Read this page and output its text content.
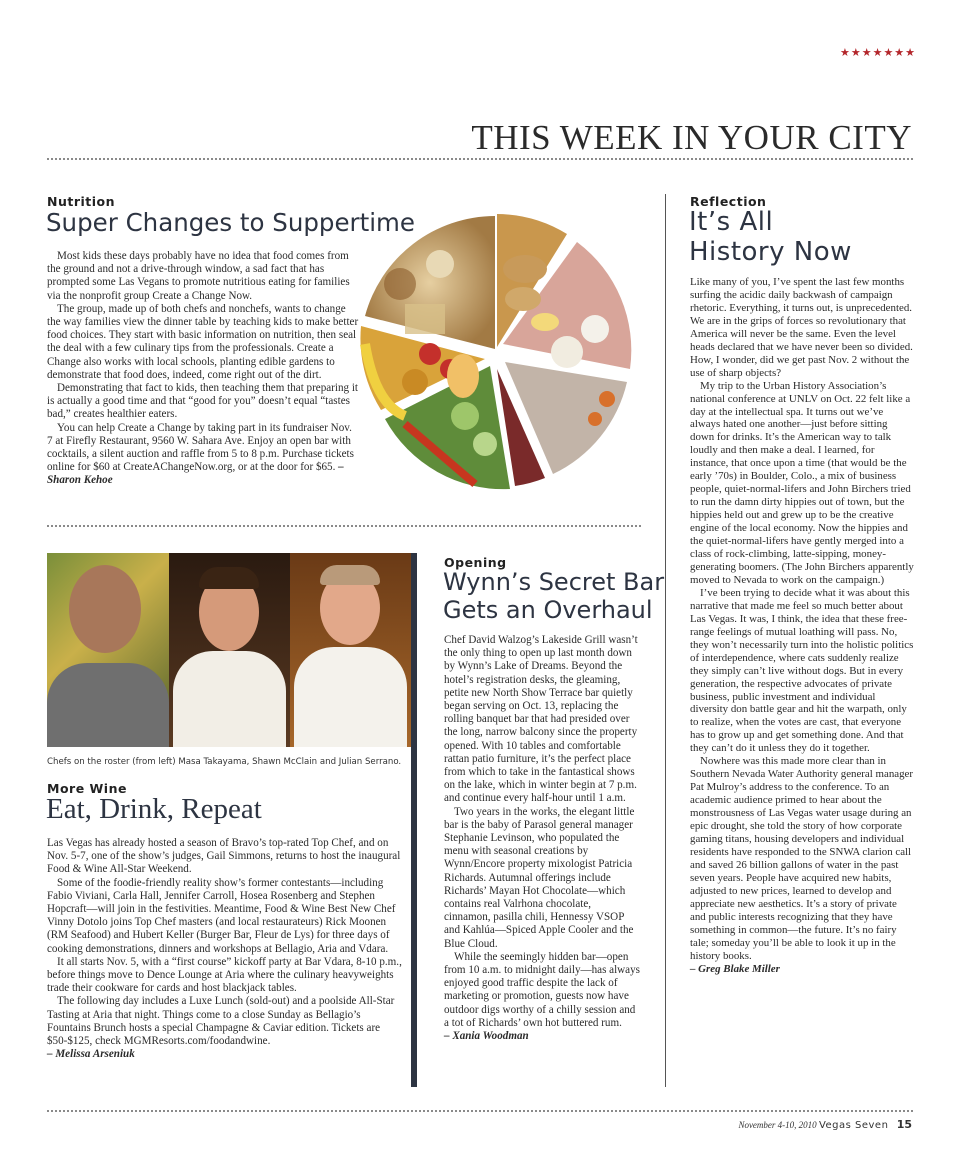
★★★★★★★
THIS WEEK IN YOUR CITY
Nutrition
Super Changes to Suppertime

Most kids these days probably have no idea that food comes from the ground and not a drive-through window, a sad fact that has prompted some Las Vegans to promote nutritious eating for families via the nonprofit group Create a Change Now.

The group, made up of both chefs and nonchefs, wants to change the way families view the dinner table by teaching kids to make better food choices. They start with basic information on nutrition, then seal the deal with a few culinary tips from the professionals. Create a Change also works with local schools, planting edible gardens to demonstrate that food does, indeed, come right out of the dirt.

Demonstrating that fact to kids, then teaching them that preparing it is actually a good time and that “good for you” doesn’t equal “tastes bad,” creates healthier eaters.

You can help Create a Change by taking part in its fundraiser Nov. 7 at Firefly Restaurant, 9560 W. Sahara Ave. Enjoy an open bar with cocktails, a silent auction and raffle from 5 to 8 p.m. Purchase tickets online for $60 at CreateAChangeNow.org, or at the door for $65. – Sharon Kehoe

Chefs on the roster (from left) Masa Takayama, Shawn McClain and Julian Serrano.
More Wine
Eat, Drink, Repeat

Las Vegas has already hosted a season of Bravo’s top-rated Top Chef, and on Nov. 5-7, one of the show’s judges, Gail Simmons, returns to host the inaugural Food & Wine All-Star Weekend.

Some of the foodie-friendly reality show’s former contestants—including Fabio Viviani, Carla Hall, Jennifer Carroll, Hosea Rosenberg and Stephen Hopcraft—will join in the festivities. Meantime, Food & Wine Best New Chef Vinny Dotolo joins Top Chef masters (and local restaurateurs) Rick Moonen (RM Seafood) and Hubert Keller (Burger Bar, Fleur de Lys) for three days of cooking demonstrations, dinners and workshops at Bellagio, Aria and Vdara.

It all starts Nov. 5, with a “first course” kickoff party at Bar Vdara, 8-10 p.m., before things move to Dence Lounge at Aria where the culinary heavyweights trade their cookware for cards and host blackjack tables.

The following day includes a Luxe Lunch (sold-out) and a poolside All-Star Tasting at Aria that night. Things come to a close Sunday as Bellagio’s Fountains Brunch hosts a special Champagne & Caviar edition. Tickets are $50-$125, check MGMResorts.com/foodandwine.

– Melissa Arseniuk

Opening
Wynn’s Secret Bar
Gets an Overhaul

Chef David Walzog’s Lakeside Grill wasn’t the only thing to open up last month down by Wynn’s Lake of Dreams. Beyond the hotel’s registration desks, the gleaming, petite new North Show Terrace bar quietly began serving on Oct. 13, replacing the rolling banquet bar that had presided over the long, narrow balcony since the property opened. With 10 tables and comfortable rattan patio furniture, it’s the perfect place from which to take in the fantastical shows on the lake, which in winter begin at 7 p.m. and continue every half-hour until 1 a.m.

Two years in the works, the elegant little bar is the baby of Parasol general manager Stephanie Levinson, who populated the menu with seasonal creations by Wynn/Encore property mixologist Patricia Richards. Autumnal offerings include Richards’ Mayan Hot Chocolate—which contains real Valrhona chocolate, cinnamon, pasilla chili, Hennessy VSOP and Kahlúa—Spiced Apple Cooler and the Blue Cloud.

While the seemingly hidden bar—open from 10 a.m. to midnight daily—has always enjoyed good traffic despite the lack of marketing or promotion, guests now have outdoor digs worthy of a chilly session and a tot of Richards’ own hot buttered rum.

– Xania Woodman

Reflection
It’s All
History Now

Like many of you, I’ve spent the last few months surfing the acidic daily backwash of campaign rhetoric. Everything, it turns out, is unprecedented. We are in the grips of forces so revolutionary that America will never be the same. Even the level heads declared that we have never been so divided. How, I wonder, did we get past Nov. 2 without the use of sharp objects?

My trip to the Urban History Association’s national conference at UNLV on Oct. 22 felt like a day at the intellectual spa. It turns out we’ve always hated one another—just before sitting down for drinks. It’s the American way to talk loudly and then make a deal. I learned, for instance, that once upon a time (that would be the early ’70s) in Boulder, Colo., a mix of business people, quiet-normal-lifers and John Birchers tried to run the damn dirty hippies out of town, but the hippies held out and grew up to be the creative engine of the local economy. Now the hippies and the quiet-normal-lifers have gently merged into a class of rock-climbing, latte-sipping, money-generating boomers. (The John Birchers apparently moved to Nevada to work on the campaign.)

I’ve been trying to decide what it was about this narrative that made me feel so much better about Las Vegas. It was, I think, the idea that these free-range feelings of mutual loathing will pass. No, they won’t necessarily turn into the holistic politics of interdependence, where cats suddenly realize they simply can’t live without dogs. But in every generation, the respective advocates of private business, public investment and individual diversity don battle gear and hit the warpath, only to realize, when the votes are cast, that everyone has to grow up and get something done. And that they can’t do it unless they do it together.

Nowhere was this made more clear than in Southern Nevada Water Authority general manager Pat Mulroy’s address to the conference. To an academic audience primed to hear about the monstrousness of Las Vegas water usage during an epic drought, she told the story of how corporate gaming titans, housing developers and individual residents have responded to the SNWA clarion call and saved 26 billion gallons of water in the past seven years. People have acquired new habits, adjusted to new prices, learned to develop and appreciate new aesthetics. It’s a story of private and public interests recognizing that they have something in common—the future. It’s no fairy tale; someday you’ll be able to look it up in the history books.

– Greg Blake Miller

November 4-10, 2010 Vegas Seven 15
